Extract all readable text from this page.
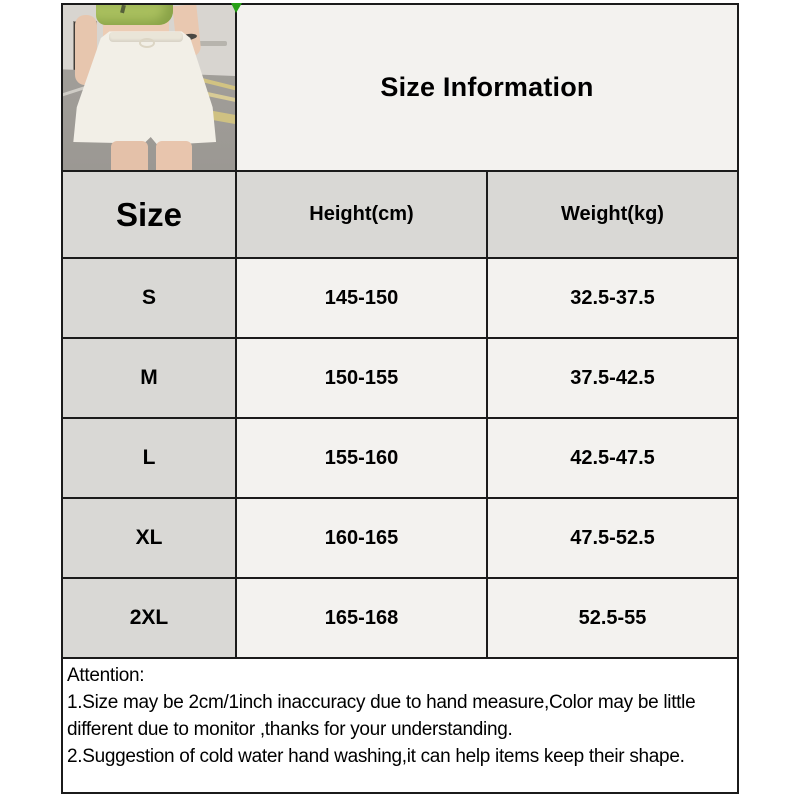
Size Information
Size	Height(cm)	Weight(kg)
S	145-150	32.5-37.5
M	150-155	37.5-42.5
L	155-160	42.5-47.5
XL	160-165	47.5-52.5
2XL	165-168	52.5-55
Attention:
1.Size may be 2cm/1inch inaccuracy due to hand measure,Color may be little
different due to monitor ,thanks for your understanding.
2.Suggestion of cold water hand washing,it can help items keep their shape.
